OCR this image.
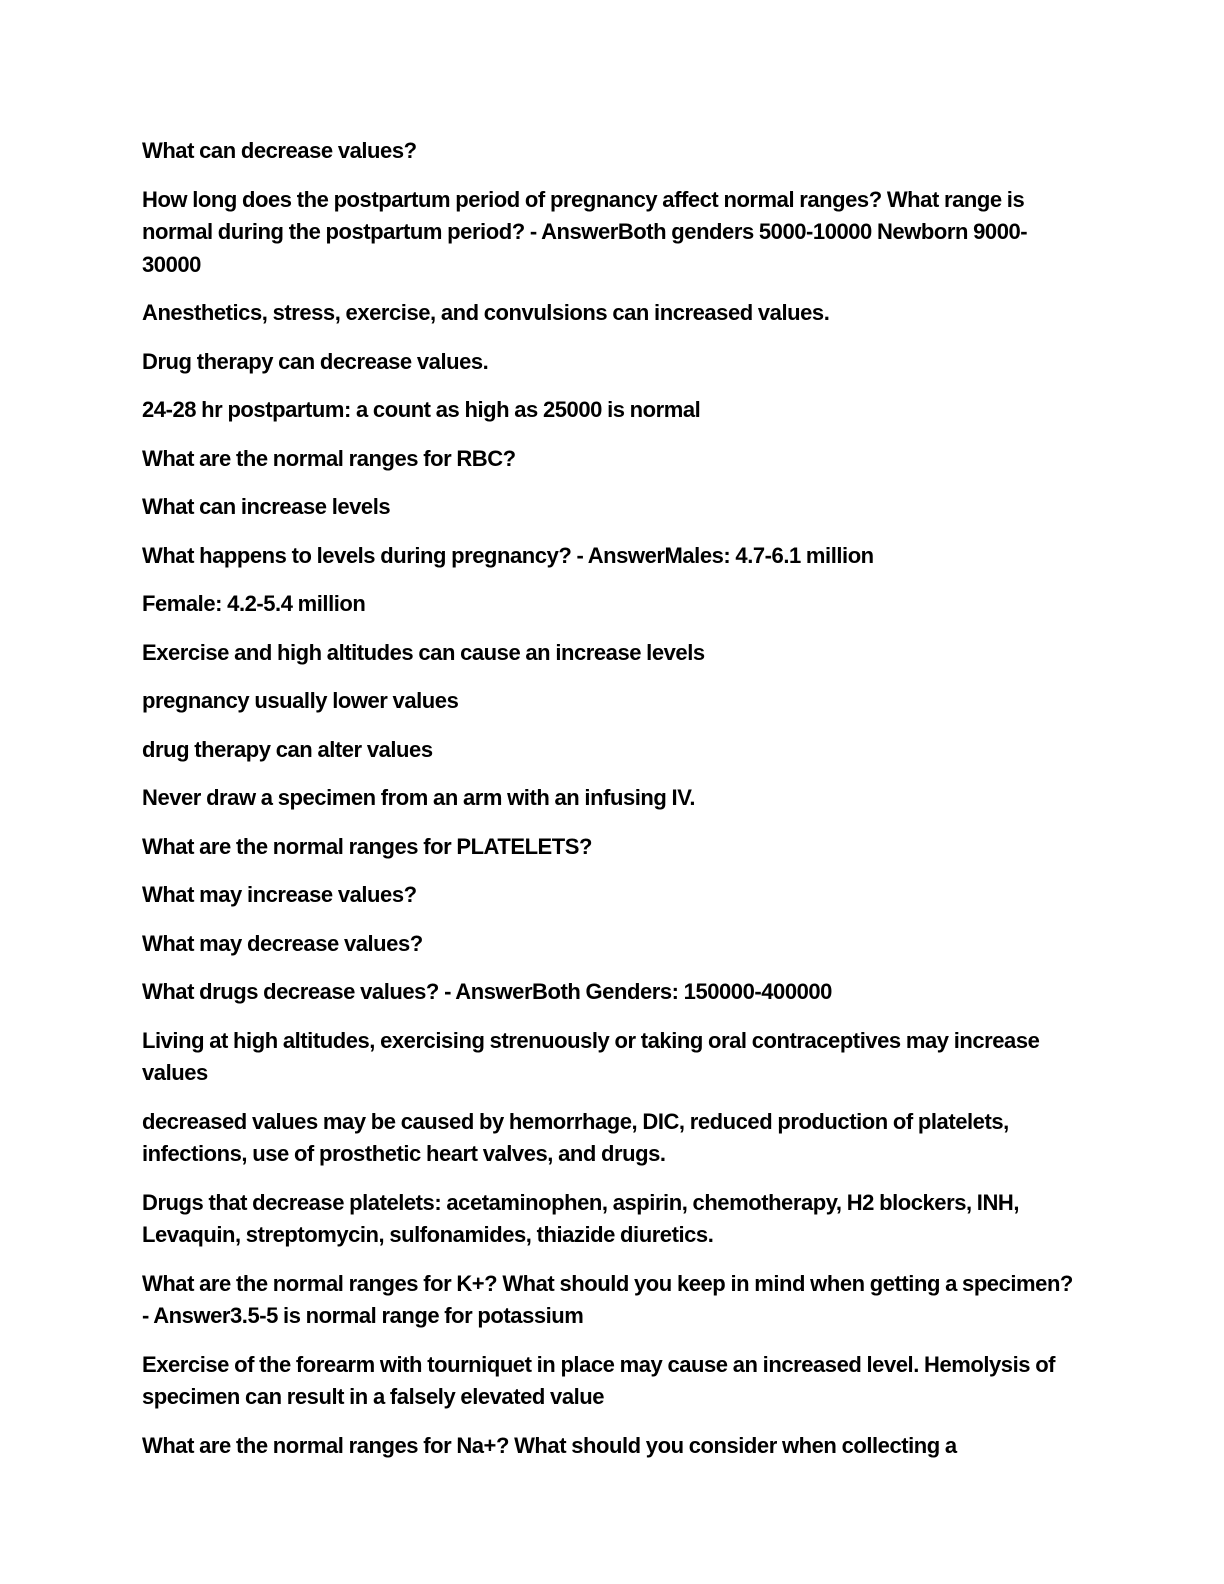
What can decrease values?

How long does the postpartum period of pregnancy affect normal ranges? What range is normal during the postpartum period? - AnswerBoth genders 5000-10000 Newborn 9000-30000

Anesthetics, stress, exercise, and convulsions can increased values.

Drug therapy can decrease values.

24-28 hr postpartum: a count as high as 25000 is normal

What are the normal ranges for RBC?

What can increase levels

What happens to levels during pregnancy? - AnswerMales: 4.7-6.1 million

Female: 4.2-5.4 million

Exercise and high altitudes can cause an increase levels

pregnancy usually lower values

drug therapy can alter values

Never draw a specimen from an arm with an infusing IV.

What are the normal ranges for PLATELETS?

What may increase values?

What may decrease values?

What drugs decrease values? - AnswerBoth Genders: 150000-400000

Living at high altitudes, exercising strenuously or taking oral contraceptives may increase values

decreased values may be caused by hemorrhage, DIC, reduced production of platelets, infections, use of prosthetic heart valves, and drugs.

Drugs that decrease platelets: acetaminophen, aspirin, chemotherapy, H2 blockers, INH, Levaquin, streptomycin, sulfonamides, thiazide diuretics.

What are the normal ranges for K+? What should you keep in mind when getting a specimen? - Answer3.5-5 is normal range for potassium

Exercise of the forearm with tourniquet in place may cause an increased level. Hemolysis of specimen can result in a falsely elevated value

What are the normal ranges for Na+? What should you consider when collecting a
